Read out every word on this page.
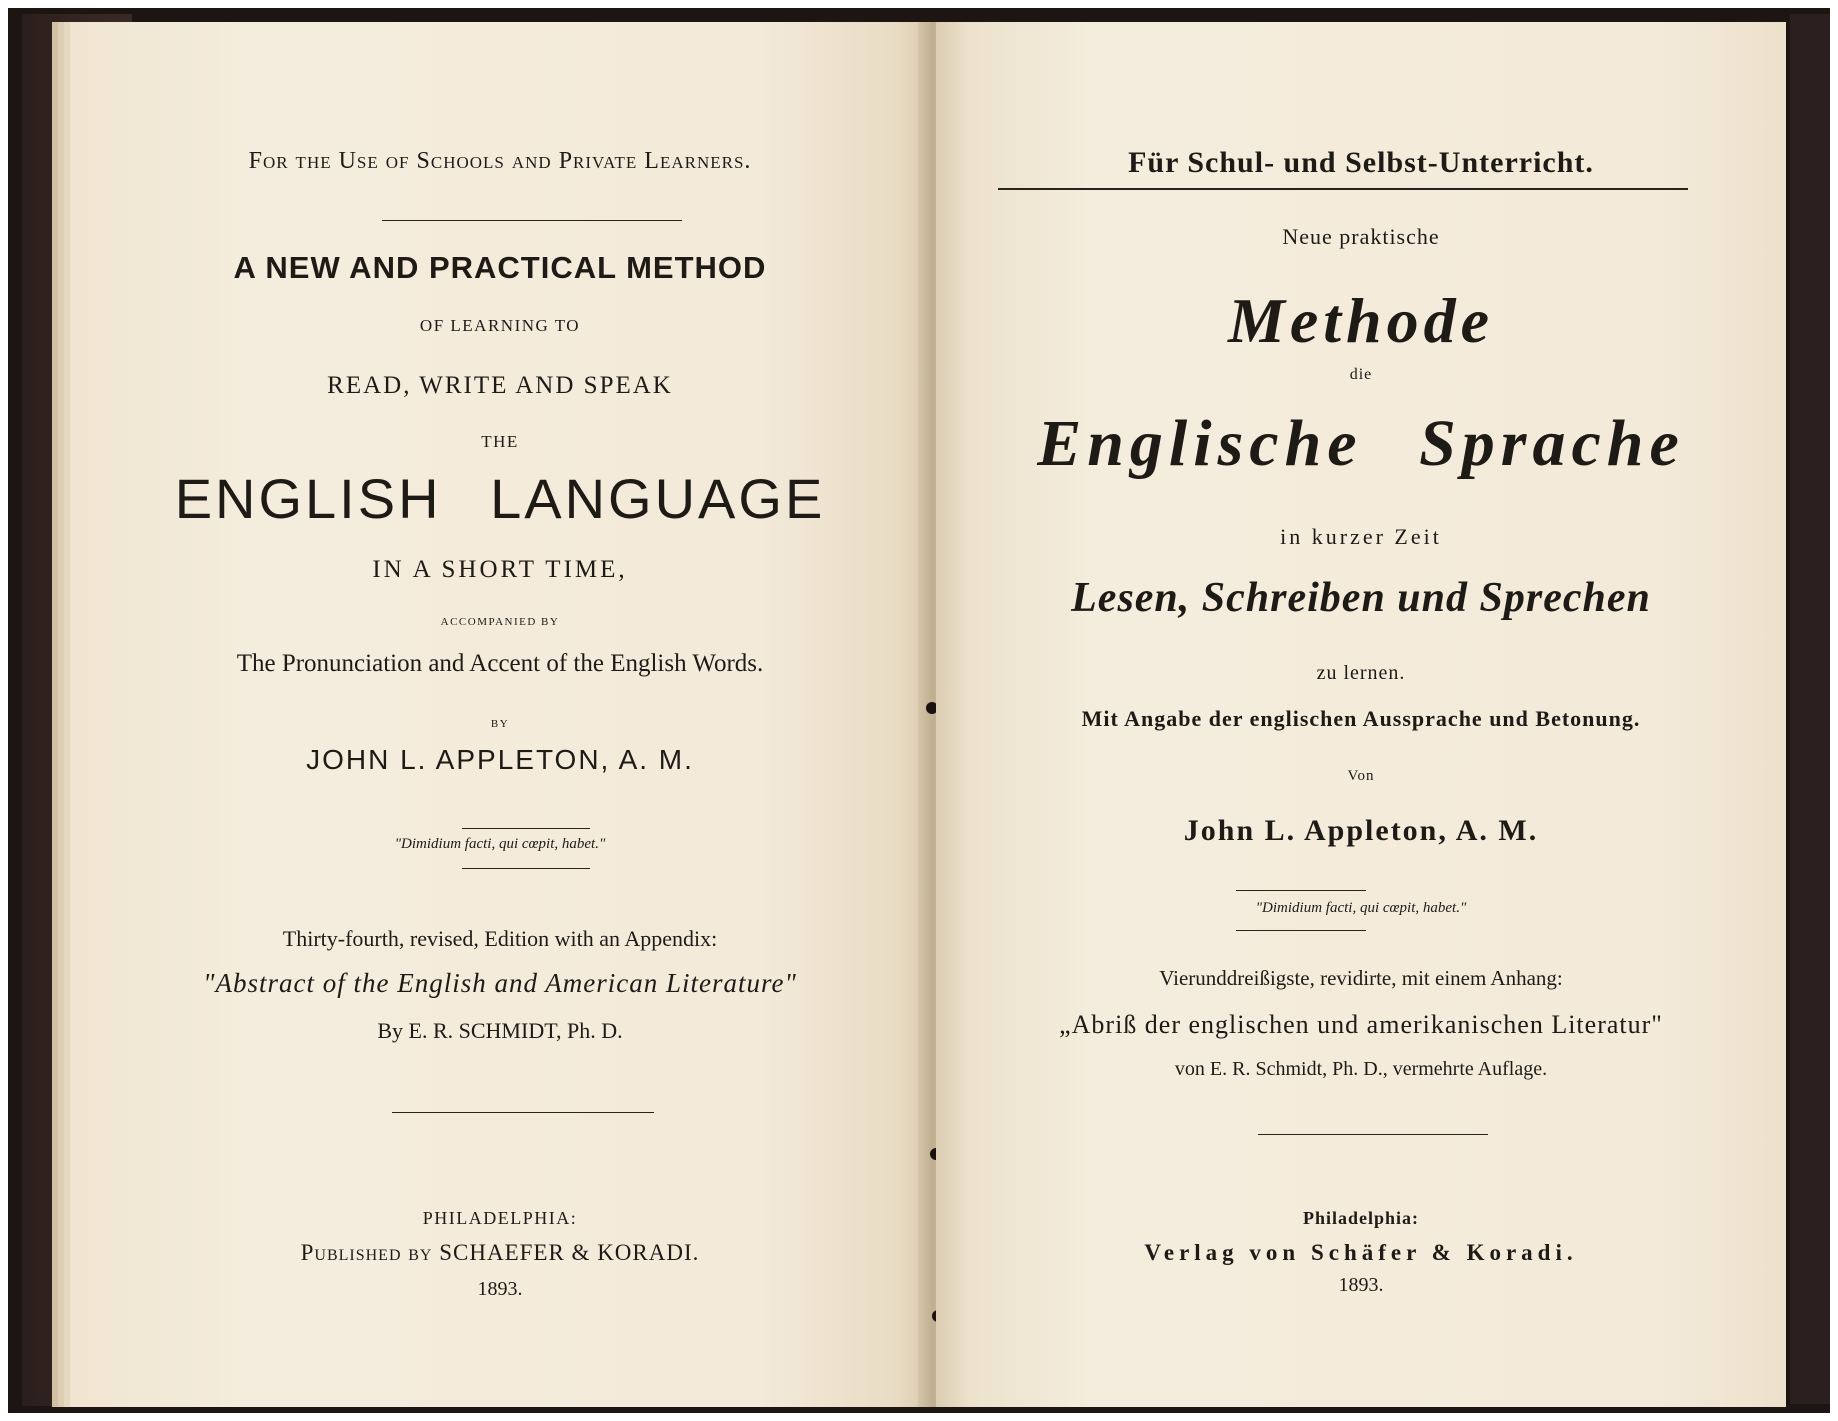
For the Use of Schools and Private Learners.
A NEW AND PRACTICAL METHOD
OF LEARNING TO
READ, WRITE AND SPEAK
THE
ENGLISH LANGUAGE
IN A SHORT TIME,
ACCOMPANIED BY
The Pronunciation and Accent of the English Words.
BY
JOHN L. APPLETON, A. M.
"Dimidium facti, qui cœpit, habet."
Thirty-fourth, revised, Edition with an Appendix:
"Abstract of the English and American Literature"
By E. R. SCHMIDT, Ph. D.
PHILADELPHIA:
Published by SCHAEFER & KORADI.
1893.
Für Schul- und Selbst-Unterricht.
Neue praktische
Methode
die
Englische Sprache
in kurzer Zeit
Lesen, Schreiben und Sprechen
zu lernen.
Mit Angabe der englischen Aussprache und Betonung.
Von
John L. Appleton, A. M.
"Dimidium facti, qui cœpit, habet."
Vierunddreißigste, revidirte, mit einem Anhang:
„Abriß der englischen und amerikanischen Literatur"
von E. R. Schmidt, Ph. D., vermehrte Auflage.
Philadelphia:
Verlag von Schäfer & Koradi.
1893.
